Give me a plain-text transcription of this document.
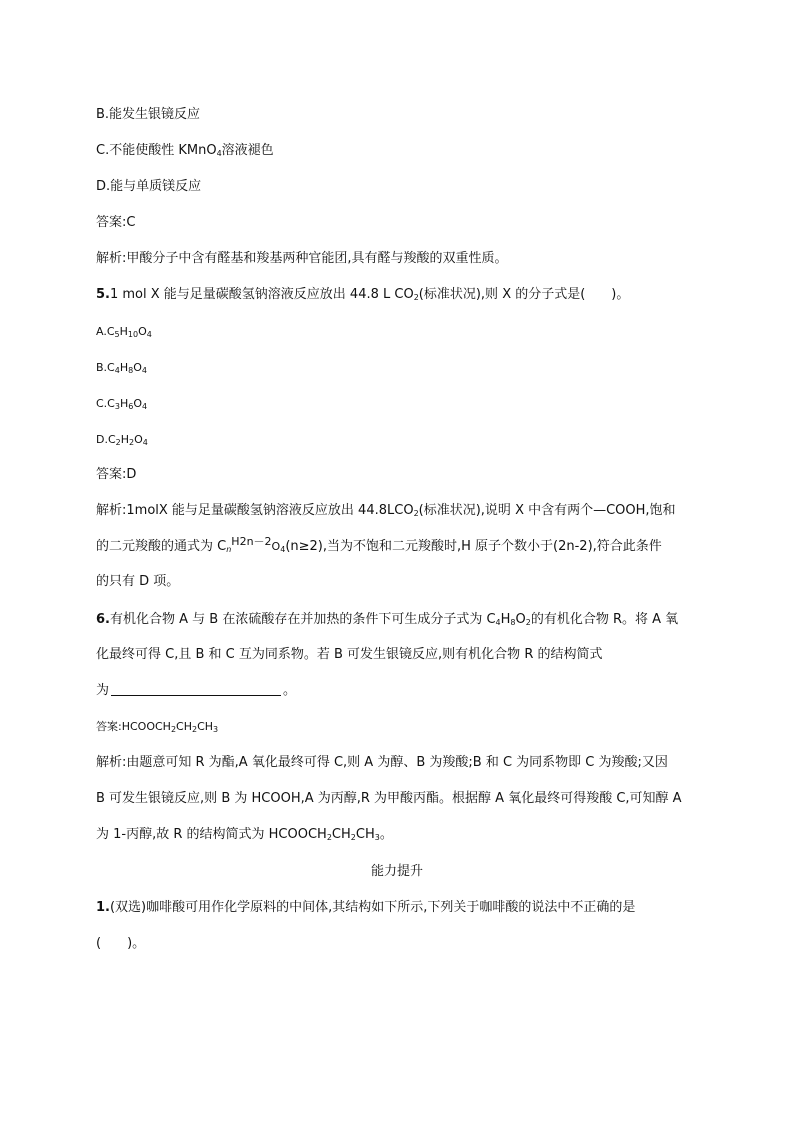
B.能发生银镜反应
C.不能使酸性 KMnO$_4$溶液褪色
D.能与单质镁反应
答案:C
解析:甲酸分子中含有醛基和羧基两种官能团,具有醛与羧酸的双重性质。
5.1 mol X 能与足量碳酸氢钠溶液反应放出 44.8 L $CO_2$(标准状况),则 X 的分子式是(　　)。
$A.C_5H_{10}O_4$
$B.C_4H_8O_4$
$C.C_3H_6O_4$
$D.C_2H_2O_4$
答案:D
解析:1molX 能与足量碳酸氢钠溶液反应放出 $44.8LCO_2$(标准状况),说明 X 中含有两个—COOH,饱和
的二元羧酸的通式为 $C_n^{H2n-2}O_4(n\ge 2)$,当为不饱和二元羧酸时,H 原子个数小于(2n-2),符合此条件
的只有 D 项。
6.有机化合物 A 与 B 在浓硫酸存在并加热的条件下可生成分子式为 $C_4H_8O_2$的有机化合物 R。将 A 氧
化最终可得 C,且 B 和 C 互为同系物。若 B 可发生银镜反应,则有机化合物 R 的结构简式
为	。
答案$:HCOOCH_2CH_2CH_3$
解析:由题意可知 R 为酯,A 氧化最终可得 C,则 A 为醇、B 为羧酸;B 和 C 为同系物即 C 为羧酸;又因
B 可发生银镜反应,则 B 为 HCOOH,A 为丙醇,R 为甲酸丙酯。根据醇 A 氧化最终可得羧酸 C,可知醇 A
为 1-丙醇,故 R 的结构简式为 $HCOOCH_2CH_2CH_3$。
能力提升
1.(双选)咖啡酸可用作化学原料的中间体,其结构如下所示,下列关于咖啡酸的说法中不正确的是
(　　)。
